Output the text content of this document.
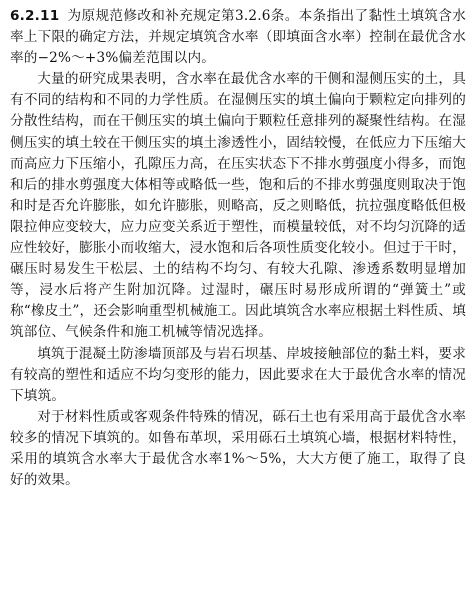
6.2.11 为原规范修改和补充规定第3.2.6条。本条指出了黏性土填筑含水率上下限的确定方法，并规定填筑含水率（即填面含水率）控制在最优含水率的−2%～+3%偏差范围以内。

大量的研究成果表明，含水率在最优含水率的干侧和湿侧压实的土，具有不同的结构和不同的力学性质。在湿侧压实的填土偏向于颗粒定向排列的分散性结构，而在干侧压实的填土偏向于颗粒任意排列的凝聚性结构。在湿侧压实的填土较在干侧压实的填土渗透性小，固结较慢，在低应力下压缩大而高应力下压缩小，孔隙压力高，在压实状态下不排水剪强度小得多，而饱和后的排水剪强度大体相等或略低一些，饱和后的不排水剪强度则取决于饱和时是否允许膨胀，如允许膨胀，则略高，反之则略低，抗拉强度略低但极限拉伸应变较大，应力应变关系近于塑性，而模量较低，对不均匀沉降的适应性较好，膨胀小而收缩大，浸水饱和后各项性质变化较小。但过于干时，碾压时易发生干松层、土的结构不均匀、有较大孔隙、渗透系数明显增加等，浸水后将产生附加沉降。过湿时，碾压时易形成所谓的“弹簧土”或称“橡皮土”，还会影响重型机械施工。因此填筑含水率应根据土料性质、填筑部位、气候条件和施工机械等情况选择。

填筑于混凝土防渗墙顶部及与岩石坝基、岸坡接触部位的黏土料，要求有较高的塑性和适应不均匀变形的能力，因此要求在大于最优含水率的情况下填筑。

对于材料性质或客观条件特殊的情况，砾石土也有采用高于最优含水率较多的情况下填筑的。如鲁布革坝，采用砾石土填筑心墙，根据材料特性，采用的填筑含水率大于最优含水率1%～5%，大大方便了施工，取得了良好的效果。
